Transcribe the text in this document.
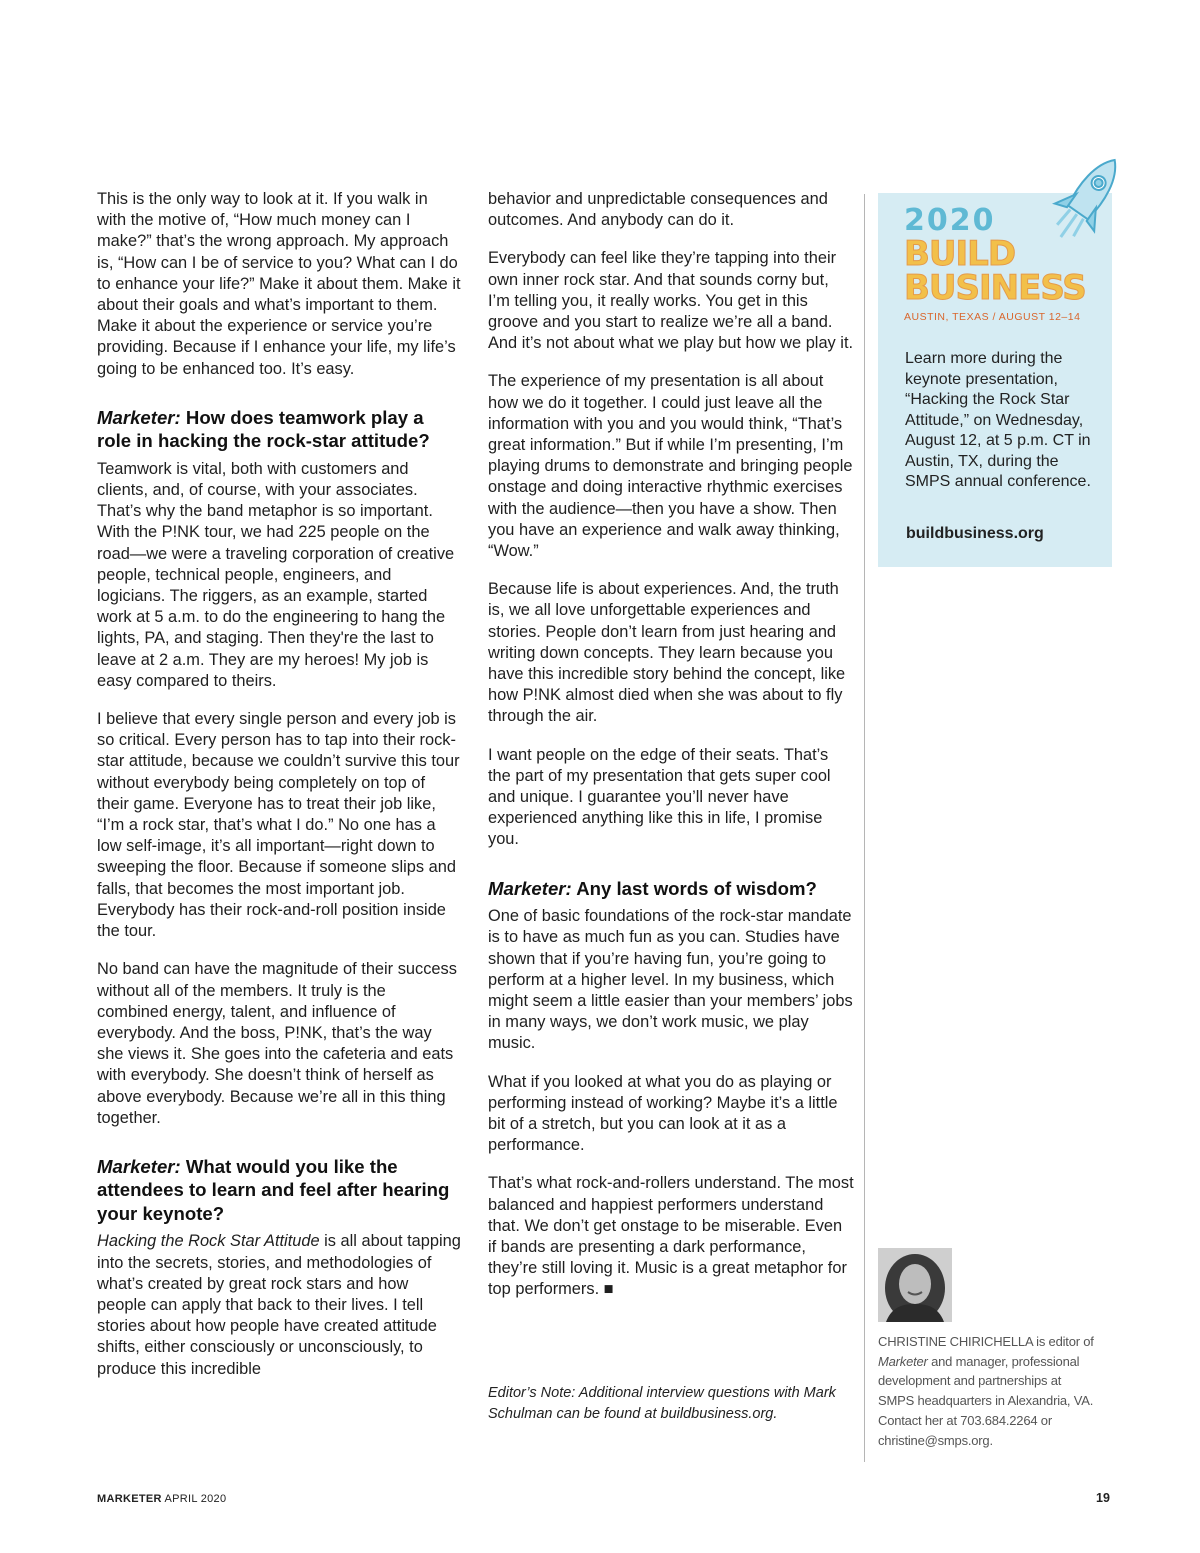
This is the only way to look at it. If you walk in with the motive of, “How much money can I make?” that’s the wrong approach. My approach is, “How can I be of service to you? What can I do to enhance your life?” Make it about them. Make it about their goals and what’s important to them. Make it about the experience or service you’re providing. Because if I enhance your life, my life’s going to be enhanced too. It’s easy.

Marketer: How does teamwork play a role in hacking the rock-star attitude?

Teamwork is vital, both with customers and clients, and, of course, with your associates. That’s why the band metaphor is so important. With the P!NK tour, we had 225 people on the road—we were a traveling corporation of creative people, technical people, engineers, and logicians. The riggers, as an example, started work at 5 a.m. to do the engineering to hang the lights, PA, and staging. Then they're the last to leave at 2 a.m. They are my heroes! My job is easy compared to theirs.

I believe that every single person and every job is so critical. Every person has to tap into their rock-star attitude, because we couldn’t survive this tour without everybody being completely on top of their game. Everyone has to treat their job like, “I’m a rock star, that’s what I do.” No one has a low self-image, it’s all important—right down to sweeping the floor. Because if someone slips and falls, that becomes the most important job. Everybody has their rock-and-roll position inside the tour.

No band can have the magnitude of their success without all of the members. It truly is the combined energy, talent, and influence of everybody. And the boss, P!NK, that’s the way she views it. She goes into the cafeteria and eats with everybody. She doesn’t think of herself as above everybody. Because we’re all in this thing together.

Marketer: What would you like the attendees to learn and feel after hearing your keynote?

Hacking the Rock Star Attitude is all about tapping into the secrets, stories, and methodologies of what’s created by great rock stars and how people can apply that back to their lives. I tell stories about how people have created attitude shifts, either consciously or unconsciously, to produce this incredible

behavior and unpredictable consequences and outcomes. And anybody can do it.

Everybody can feel like they’re tapping into their own inner rock star. And that sounds corny but, I’m telling you, it really works. You get in this groove and you start to realize we’re all a band. And it’s not about what we play but how we play it.

The experience of my presentation is all about how we do it together. I could just leave all the information with you and you would think, “That’s great information.” But if while I’m presenting, I’m playing drums to demonstrate and bringing people onstage and doing interactive rhythmic exercises with the audience—then you have a show. Then you have an experience and walk away thinking, “Wow.”

Because life is about experiences. And, the truth is, we all love unforgettable experiences and stories. People don’t learn from just hearing and writing down concepts. They learn because you have this incredible story behind the concept, like how P!NK almost died when she was about to fly through the air.

I want people on the edge of their seats. That’s the part of my presentation that gets super cool and unique. I guarantee you’ll never have experienced anything like this in life, I promise you.

Marketer: Any last words of wisdom?

One of basic foundations of the rock-star mandate is to have as much fun as you can. Studies have shown that if you’re having fun, you’re going to perform at a higher level. In my business, which might seem a little easier than your members’ jobs in many ways, we don’t work music, we play music.

What if you looked at what you do as playing or performing instead of working? Maybe it’s a little bit of a stretch, but you can look at it as a performance.

That’s what rock-and-rollers understand. The most balanced and happiest performers understand that. We don’t get onstage to be miserable. Even if bands are presenting a dark performance, they’re still loving it. Music is a great metaphor for top performers. ■

Editor’s Note: Additional interview questions with Mark Schulman can be found at buildbusiness.org.
2020
BUILD
BUSINESS
AUSTIN, TEXAS / AUGUST 12–14
Learn more during the keynote presentation, “Hacking the Rock Star Attitude,” on Wednesday, August 12, at 5 p.m. CT in Austin, TX, during the SMPS annual conference.
buildbusiness.org
CHRISTINE CHIRICHELLA is editor of Marketer and manager, professional development and partnerships at SMPS headquarters in Alexandria, VA. Contact her at 703.684.2264 or christine@smps.org.
MARKETER APRIL 2020	19
